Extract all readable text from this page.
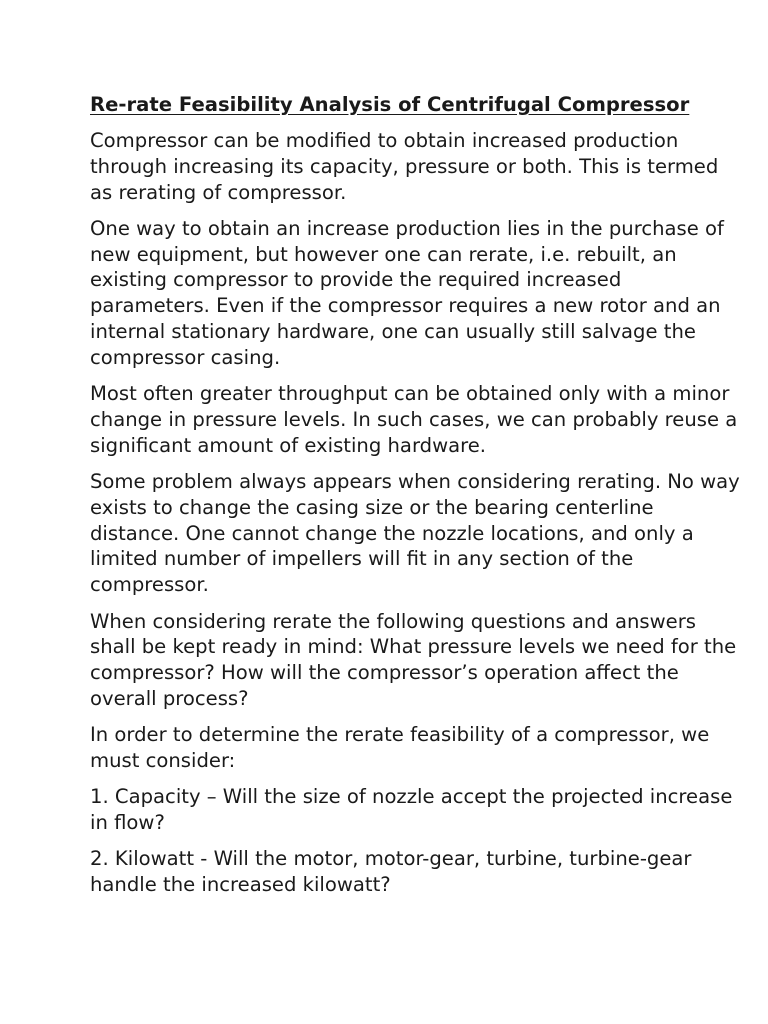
Re-rate Feasibility Analysis of Centrifugal Compressor

Compressor can be modified to obtain increased production through increasing its capacity, pressure or both. This is termed as rerating of compressor.

One way to obtain an increase production lies in the purchase of new equipment, but however one can rerate, i.e. rebuilt, an existing compressor to provide the required increased parameters. Even if the compressor requires a new rotor and an internal stationary hardware, one can usually still salvage the compressor casing.

Most often greater throughput can be obtained only with a minor change in pressure levels. In such cases, we can probably reuse a significant amount of existing hardware.

Some problem always appears when considering rerating. No way exists to change the casing size or the bearing centerline distance. One cannot change the nozzle locations, and only a limited number of impellers will fit in any section of the compressor.

When considering rerate the following questions and answers shall be kept ready in mind: What pressure levels we need for the compressor? How will the compressor’s operation affect the overall process?

In order to determine the rerate feasibility of a compressor, we must consider:

1. Capacity – Will the size of nozzle accept the projected increase in flow?

2. Kilowatt - Will the motor, motor-gear, turbine, turbine-gear handle the increased kilowatt?
